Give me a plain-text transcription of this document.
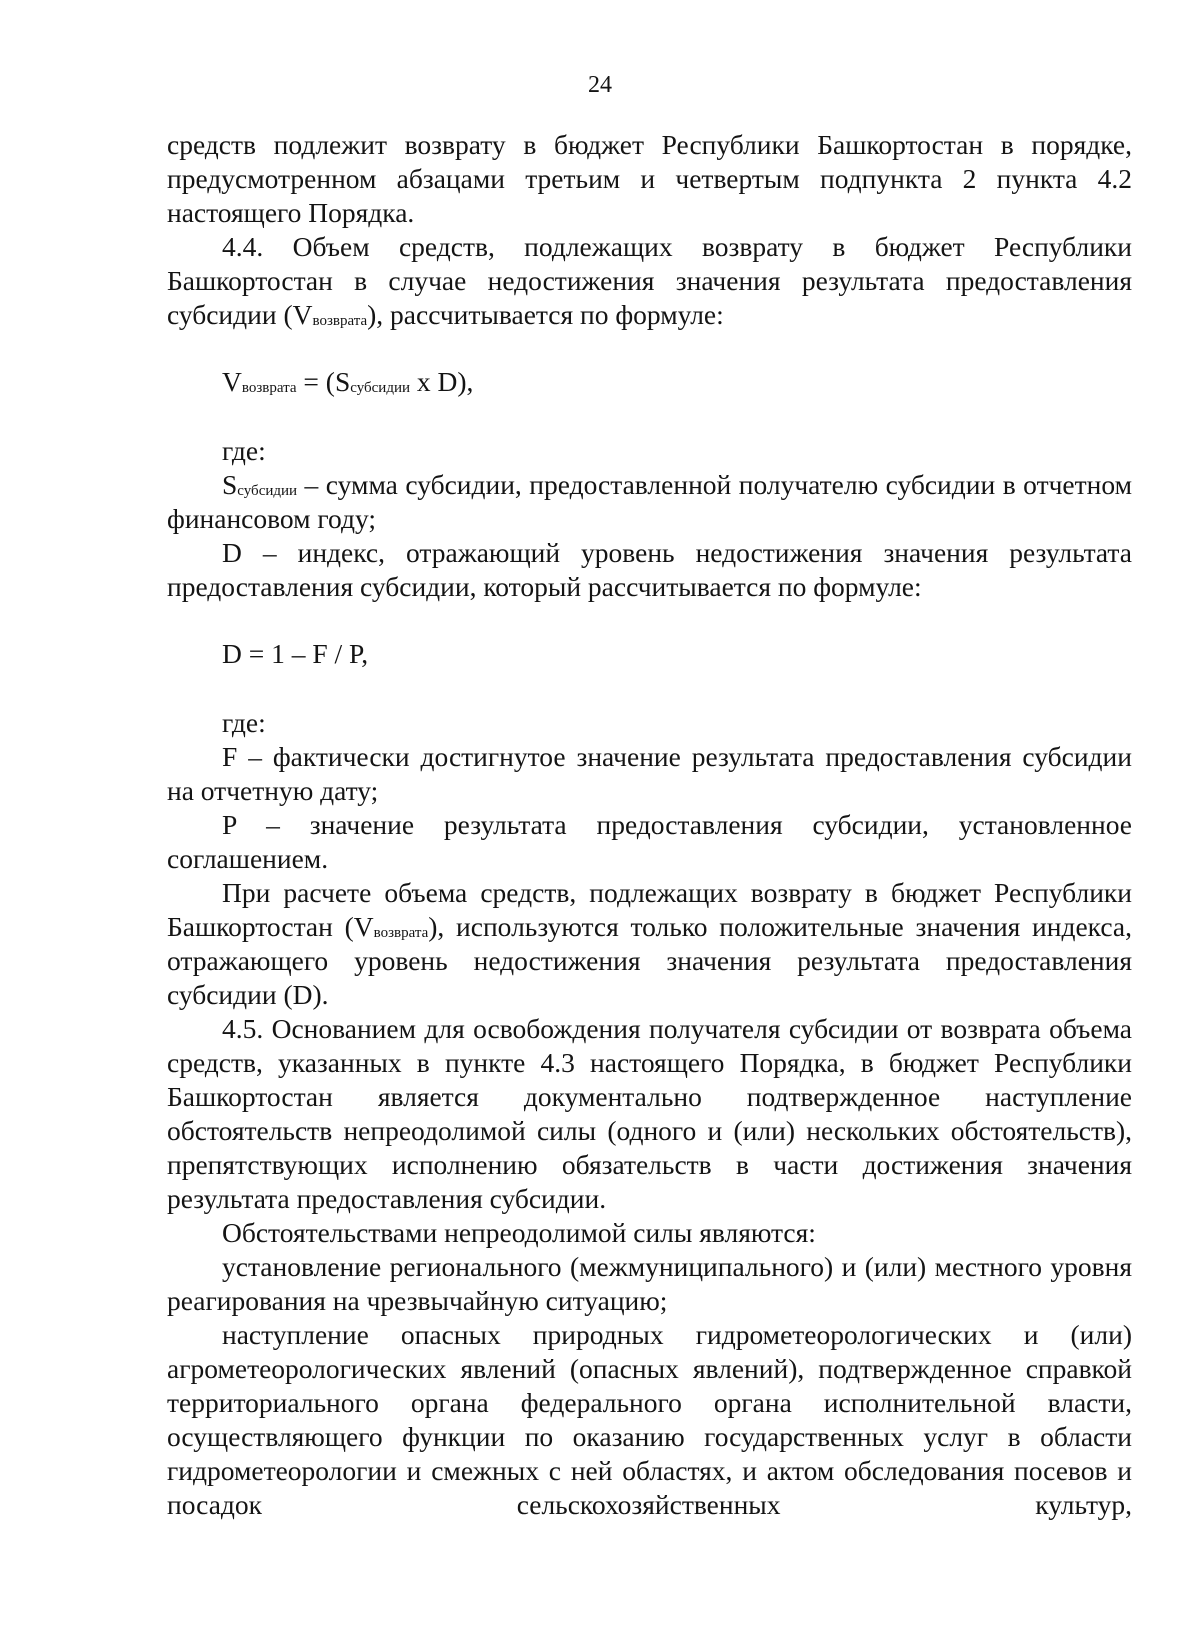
24

средств подлежит возврату в бюджет Республики Башкортостан в порядке, предусмотренном абзацами третьим и четвертым подпункта 2 пункта 4.2 настоящего Порядка.

4.4. Объем средств, подлежащих возврату в бюджет Республики Башкортостан в случае недостижения значения результата предоставления субсидии $(V_{возврата})$, рассчитывается по формуле:

$V_{возврата} = (S_{субсидии}$ x D),

где:

$S_{субсидии}$ – сумма субсидии, предоставленной получателю субсидии в отчетном финансовом году;

D – индекс, отражающий уровень недостижения значения результата предоставления субсидии, который рассчитывается по формуле:

D = 1 – F / P,

где:

F – фактически достигнутое значение результата предоставления субсидии на отчетную дату;

P – значение результата предоставления субсидии, установленное соглашением.

При расчете объема средств, подлежащих возврату в бюджет Республики Башкортостан $(V_{возврата})$, используются только положительные значения индекса, отражающего уровень недостижения значения результата предоставления субсидии (D).

4.5. Основанием для освобождения получателя субсидии от возврата объема средств, указанных в пункте 4.3 настоящего Порядка, в бюджет Республики Башкортостан является документально подтвержденное наступление обстоятельств непреодолимой силы (одного и (или) нескольких обстоятельств), препятствующих исполнению обязательств в части достижения значения результата предоставления субсидии.

Обстоятельствами непреодолимой силы являются:

установление регионального (межмуниципального) и (или) местного уровня реагирования на чрезвычайную ситуацию;

наступление опасных природных гидрометеорологических и (или) агрометеорологических явлений (опасных явлений), подтвержденное справкой территориального органа федерального органа исполнительной власти, осуществляющего функции по оказанию государственных услуг в области гидрометеорологии и смежных с ней областях, и актом обследования посевов и посадок сельскохозяйственных культур,
